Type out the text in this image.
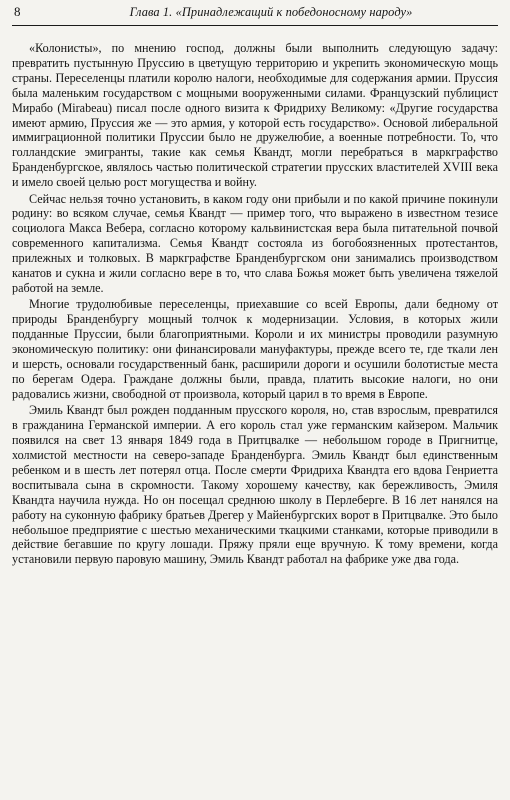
8	Глава 1. «Принадлежащий к победоносному народу»

«Колонисты», по мнению господ, должны были выполнить следующую задачу: превратить пустынную Пруссию в цветущую территорию и укрепить экономическую мощь страны. Переселенцы платили королю налоги, необходимые для содержания армии. Пруссия была маленьким государством с мощными вооруженными силами. Французский публицист Мирабо (Mirabeau) писал после одного визита к Фридриху Великому: «Другие государства имеют армию, Пруссия же — это армия, у которой есть государство». Основой либеральной иммиграционной политики Пруссии было не дружелюбие, а военные потребности. То, что голландские эмигранты, такие как семья Квандт, могли перебраться в маркграфство Бранденбургское, являлось частью политической стратегии прусских властителей XVIII века и имело своей целью рост могущества и войну.

Сейчас нельзя точно установить, в каком году они прибыли и по какой причине покинули родину: во всяком случае, семья Квандт — пример того, что выражено в известном тезисе социолога Макса Вебера, согласно которому кальвинистская вера была питательной почвой современного капитализма. Семья Квандт состояла из богобоязненных протестантов, прилежных и толковых. В маркграфстве Бранденбургском они занимались производством канатов и сукна и жили согласно вере в то, что слава Божья может быть увеличена тяжелой работой на земле.

Многие трудолюбивые переселенцы, приехавшие со всей Европы, дали бедному от природы Бранденбургу мощный толчок к модернизации. Условия, в которых жили подданные Пруссии, были благоприятными. Короли и их министры проводили разумную экономическую политику: они финансировали мануфактуры, прежде всего те, где ткали лен и шерсть, основали государственный банк, расширили дороги и осушили болотистые места по берегам Одера. Граждане должны были, правда, платить высокие налоги, но они радовались жизни, свободной от произвола, который царил в то время в Европе.

Эмиль Квандт был рожден подданным прусского короля, но, став взрослым, превратился в гражданина Германской империи. А его король стал уже германским кайзером. Мальчик появился на свет 13 января 1849 года в Притцвалке — небольшом городе в Пригнитце, холмистой местности на северо-западе Бранденбурга. Эмиль Квандт был единственным ребенком и в шесть лет потерял отца. После смерти Фридриха Квандта его вдова Генриетта воспитывала сына в скромности. Такому хорошему качеству, как бережливость, Эмиля Квандта научила нужда. Но он посещал среднюю школу в Перлеберге. В 16 лет нанялся на работу на суконную фабрику братьев Дрегер у Майенбургских ворот в Притцвалке. Это было небольшое предприятие с шестью механическими ткацкими станками, которые приводили в действие бегавшие по кругу лошади. Пряжу пряли еще вручную. К тому времени, когда установили первую паровую машину, Эмиль Квандт работал на фабрике уже два года.
